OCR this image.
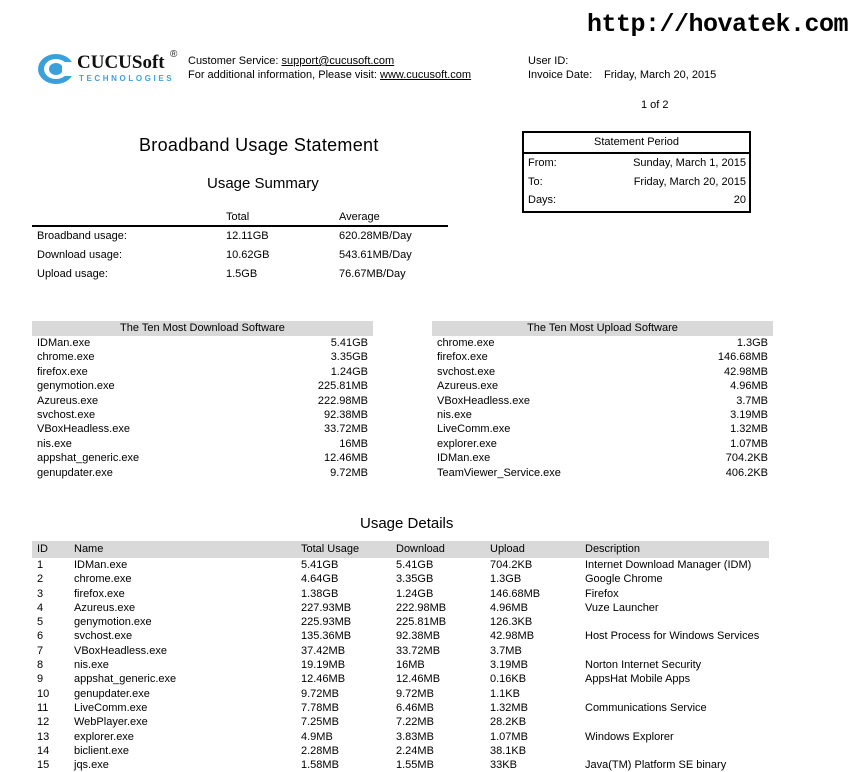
http://hovatek.com
CUCUSoft ®
TECHNOLOGIES
Customer Service: support@cucusoft.com
For additional information, Please visit: www.cucusoft.com
User ID:
Invoice Date: Friday, March 20, 2015
1 of 2
Broadband Usage Statement
Usage Summary
Statement Period
From:	Sunday, March 1, 2015
To:	Friday, March 20, 2015
Days:	20
Total	Average
Broadband usage:	12.11GB	620.28MB/Day
Download usage:	10.62GB	543.61MB/Day
Upload usage:	1.5GB	76.67MB/Day
The Ten Most Download Software
IDMan.exe	5.41GB
chrome.exe	3.35GB
firefox.exe	1.24GB
genymotion.exe	225.81MB
Azureus.exe	222.98MB
svchost.exe	92.38MB
VBoxHeadless.exe	33.72MB
nis.exe	16MB
appshat_generic.exe	12.46MB
genupdater.exe	9.72MB
The Ten Most Upload Software
chrome.exe	1.3GB
firefox.exe	146.68MB
svchost.exe	42.98MB
Azureus.exe	4.96MB
VBoxHeadless.exe	3.7MB
nis.exe	3.19MB
LiveComm.exe	1.32MB
explorer.exe	1.07MB
IDMan.exe	704.2KB
TeamViewer_Service.exe	406.2KB
Usage Details
ID Name	Total Usage	Download	Upload	Description
1	IDMan.exe	5.41GB	5.41GB	704.2KB	Internet Download Manager (IDM)
2	chrome.exe	4.64GB	3.35GB	1.3GB	Google Chrome
3	firefox.exe	1.38GB	1.24GB	146.68MB	Firefox
4	Azureus.exe	227.93MB	222.98MB	4.96MB	Vuze Launcher
5	genymotion.exe	225.93MB	225.81MB	126.3KB
6	svchost.exe	135.36MB	92.38MB	42.98MB	Host Process for Windows Services
7	VBoxHeadless.exe	37.42MB	33.72MB	3.7MB
8	nis.exe	19.19MB	16MB	3.19MB	Norton Internet Security
9	appshat_generic.exe	12.46MB	12.46MB	0.16KB	AppsHat Mobile Apps
10 genupdater.exe	9.72MB	9.72MB	1.1KB
11 LiveComm.exe	7.78MB	6.46MB	1.32MB	Communications Service
12 WebPlayer.exe	7.25MB	7.22MB	28.2KB
13 explorer.exe	4.9MB	3.83MB	1.07MB	Windows Explorer
14 biclient.exe	2.28MB	2.24MB	38.1KB
15 jqs.exe	1.58MB	1.55MB	33KB	Java(TM) Platform SE binary
